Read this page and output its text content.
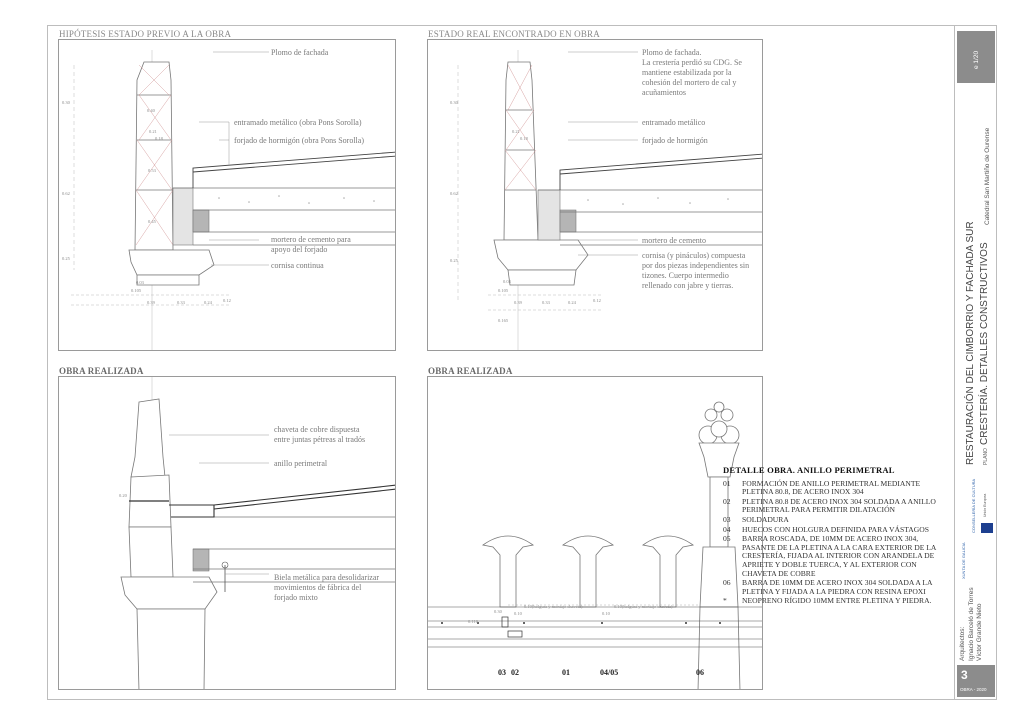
HIPÓTESIS ESTADO PREVIO A LA OBRA
Plomo de fachada
entramado metálico (obra Pons Sorolla)
forjado de hormigón (obra Pons Sorolla)
mortero de cemento para
apoyo del forjado
cornisa continua
0.30
0.40
0.21
0.18
0.53
0.45
0.62
0.25
0.03
0.105
0.24 0.12
0.39	0.33
ESTADO REAL ENCONTRADO EN OBRA
Plomo de fachada.
La crestería perdió su CDG. Se
mantiene estabilizada por la
cohesión del mortero de cal y
acuñamientos
entramado metálico
forjado de hormigón
mortero de cemento
cornisa (y pináculos) compuesta
por dos piezas independientes sin
tizones. Cuerpo intermedio
rellenado con jabre y tierras.
0.30
0.21
0.18
0.62
0.25
0.03
0.105
0.24	0.12
0.39	0.33
0.165
OBRA REALIZADA
chaveta de cobre dispuesta
entre juntas pétreas al tradós
anillo perimetral
Biela metálica para desolidarizar
movimientos de fábrica del
forjado mixto
0.20
OBRA REALIZADA
0.30
0.110
0.10	0.10
0.10(holgura y montaje chaveta)	0.10(holgura y montaje chaveta)
03 02	01	04/05	06
DETALLE OBRA. ANILLO PERIMETRAL
01	FORMACIÓN DE ANILLO PERIMETRAL MEDIANTE PLETINA 80.8, DE ACERO INOX 304
02	PLETINA 80.8 DE ACERO INOX 304 SOLDADA A ANILLO PERIMETRAL PARA PERMITIR DILATACIÓN
03	SOLDADURA
04	HUECOS CON HOLGURA DEFINIDA PARA VÁSTAGOS
05	BARRA ROSCADA, DE 10MM DE ACERO INOX 304, PASANTE DE LA PLETINA A LA CARA EXTERIOR DE LA CRESTERÍA, FIJADA AL INTERIOR CON ARANDELA DE APRIETE Y DOBLE TUERCA, Y AL EXTERIOR CON CHAVETA DE COBRE
06	BARRA DE 10MM DE ACERO INOX 304 SOLDADA A LA PLETINA Y FIJADA A LA PIEDRA CON RESINA EPOXI
*	NEOPRENO RÍGIDO 10MM ENTRE PLETINA Y PIEDRA.
e 1/20
Catedral San Martiño de Ourense
RESTAURACIÓN DEL CIMBORRIO Y FACHADA SUR PLANO
CRESTERÍA. DETALLES CONSTRUCTIVOS
XUNTA DE GALICIA
CONSELLERÍA DE CULTURA Unión Europea
Arquitectos: Ignacio Barceló de Torres Víctor Grande Nieto
3
OBRA - 2020
